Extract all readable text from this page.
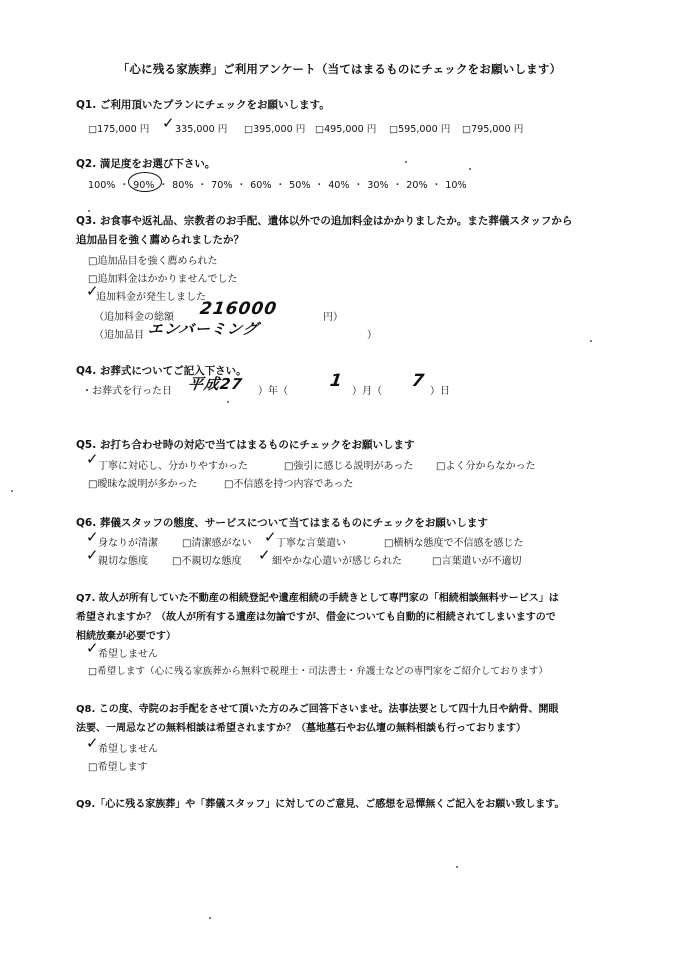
「心に残る家族葬」ご利用アンケート（当てはまるものにチェックをお願いします）
Q1. ご利用頂いたプランにチェックをお願いします。
□175,000 円	335,000 円
✓	□395,000 円 □495,000 円 □595,000 円 □795,000 円
Q2. 満足度をお選び下さい。
100% ・ 90% ・ 80% ・ 70% ・ 60% ・ 50% ・ 40% ・ 30% ・ 20% ・ 10%
Q3. お食事や返礼品、宗教者のお手配、遺体以外での追加料金はかかりましたか。また葬儀スタッフから
追加品目を強く薦められましたか？
□追加品目を強く薦められた
□追加料金はかかりませんでした
追加料金が発生しました
✓
（追加料金の総額 216000	円）
（追加品目 エンバーミング	）
Q4. お葬式についてご記入下さい。
・お葬式を行った日 平成27 ）年（
1
）月（
7
）日
Q5. お打ち合わせ時の対応で当てはまるものにチェックをお願いします
✓ 丁寧に対応し、分かりやすかった	□強引に感じる説明があった □よく分からなかった
□曖昧な説明が多かった	□不信感を持つ内容であった
Q6. 葬儀スタッフの態度、サービスについて当てはまるものにチェックをお願いします
✓ 身なりが清潔 □清潔感がない ✓ 丁寧な言葉遣い	□横柄な態度で不信感を感じた
✓ 親切な態度 □不親切な態度 ✓ 細やかな心遣いが感じられた	□言葉遣いが不適切
Q7. 故人が所有していた不動産の相続登記や遺産相続の手続きとして専門家の「相続相談無料サービス」は
希望されますか？（故人が所有する遺産は勿論ですが、借金についても自動的に相続されてしまいますので
相続放棄が必要です）
✓ 希望しません
□希望します（心に残る家族葬から無料で税理士・司法書士・弁護士などの専門家をご紹介しております）
Q8. この度、寺院のお手配をさせて頂いた方のみご回答下さいませ。法事法要として四十九日や納骨、開眼
法要、一周忌などの無料相談は希望されますか？（墓地墓石やお仏壇の無料相談も行っております）
✓ 希望しません
□希望します
Q9.「心に残る家族葬」や「葬儀スタッフ」に対してのご意見、ご感想を忌憚無くご記入をお願い致します。
